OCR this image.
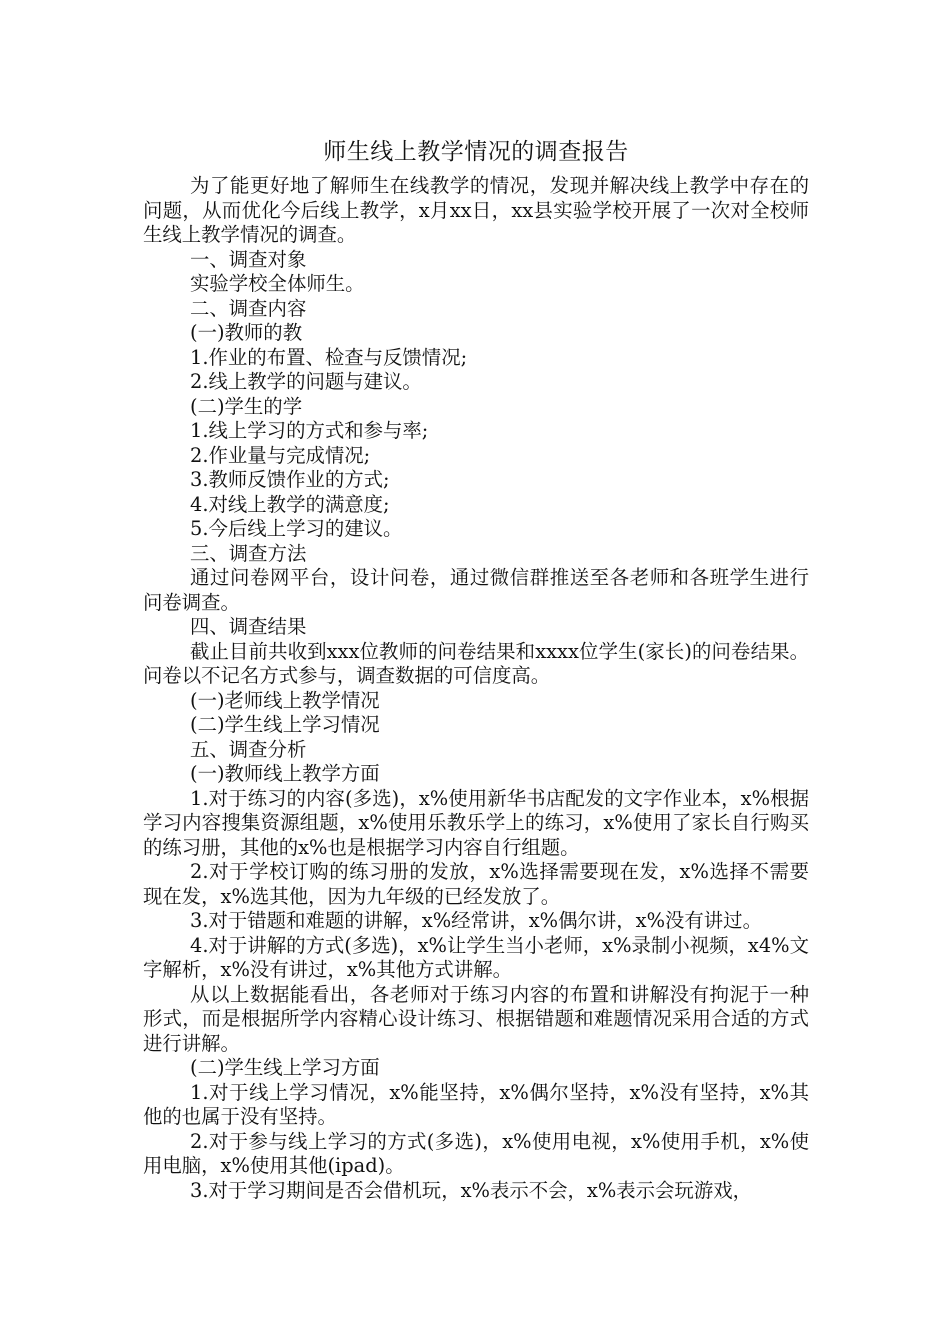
师生线上教学情况的调查报告

为了能更好地了解师生在线教学的情况，发现并解决线上教学中存在的问题，从而优化今后线上教学，x月xx日，xx县实验学校开展了一次对全校师生线上教学情况的调查。

一、调查对象

实验学校全体师生。

二、调查内容

(一)教师的教

1.作业的布置、检查与反馈情况;

2.线上教学的问题与建议。

(二)学生的学

1.线上学习的方式和参与率;

2.作业量与完成情况;

3.教师反馈作业的方式;

4.对线上教学的满意度;

5.今后线上学习的建议。

三、调查方法

通过问卷网平台，设计问卷，通过微信群推送至各老师和各班学生进行问卷调查。

四、调查结果

截止目前共收到xxx位教师的问卷结果和xxxx位学生(家长)的问卷结果。问卷以不记名方式参与，调查数据的可信度高。

(一)老师线上教学情况

(二)学生线上学习情况

五、调查分析

(一)教师线上教学方面

1.对于练习的内容(多选)，x%使用新华书店配发的文字作业本，x%根据学习内容搜集资源组题，x%使用乐教乐学上的练习，x%使用了家长自行购买的练习册，其他的x%也是根据学习内容自行组题。

2.对于学校订购的练习册的发放，x%选择需要现在发，x%选择不需要现在发，x%选其他，因为九年级的已经发放了。

3.对于错题和难题的讲解，x%经常讲，x%偶尔讲，x%没有讲过。

4.对于讲解的方式(多选)，x%让学生当小老师，x%录制小视频，x4%文字解析，x%没有讲过，x%其他方式讲解。

从以上数据能看出，各老师对于练习内容的布置和讲解没有拘泥于一种形式，而是根据所学内容精心设计练习、根据错题和难题情况采用合适的方式进行讲解。

(二)学生线上学习方面

1.对于线上学习情况，x%能坚持，x%偶尔坚持，x%没有坚持，x%其他的也属于没有坚持。

2.对于参与线上学习的方式(多选)，x%使用电视，x%使用手机，x%使用电脑，x%使用其他(ipad)。

3.对于学习期间是否会借机玩，x%表示不会，x%表示会玩游戏，
